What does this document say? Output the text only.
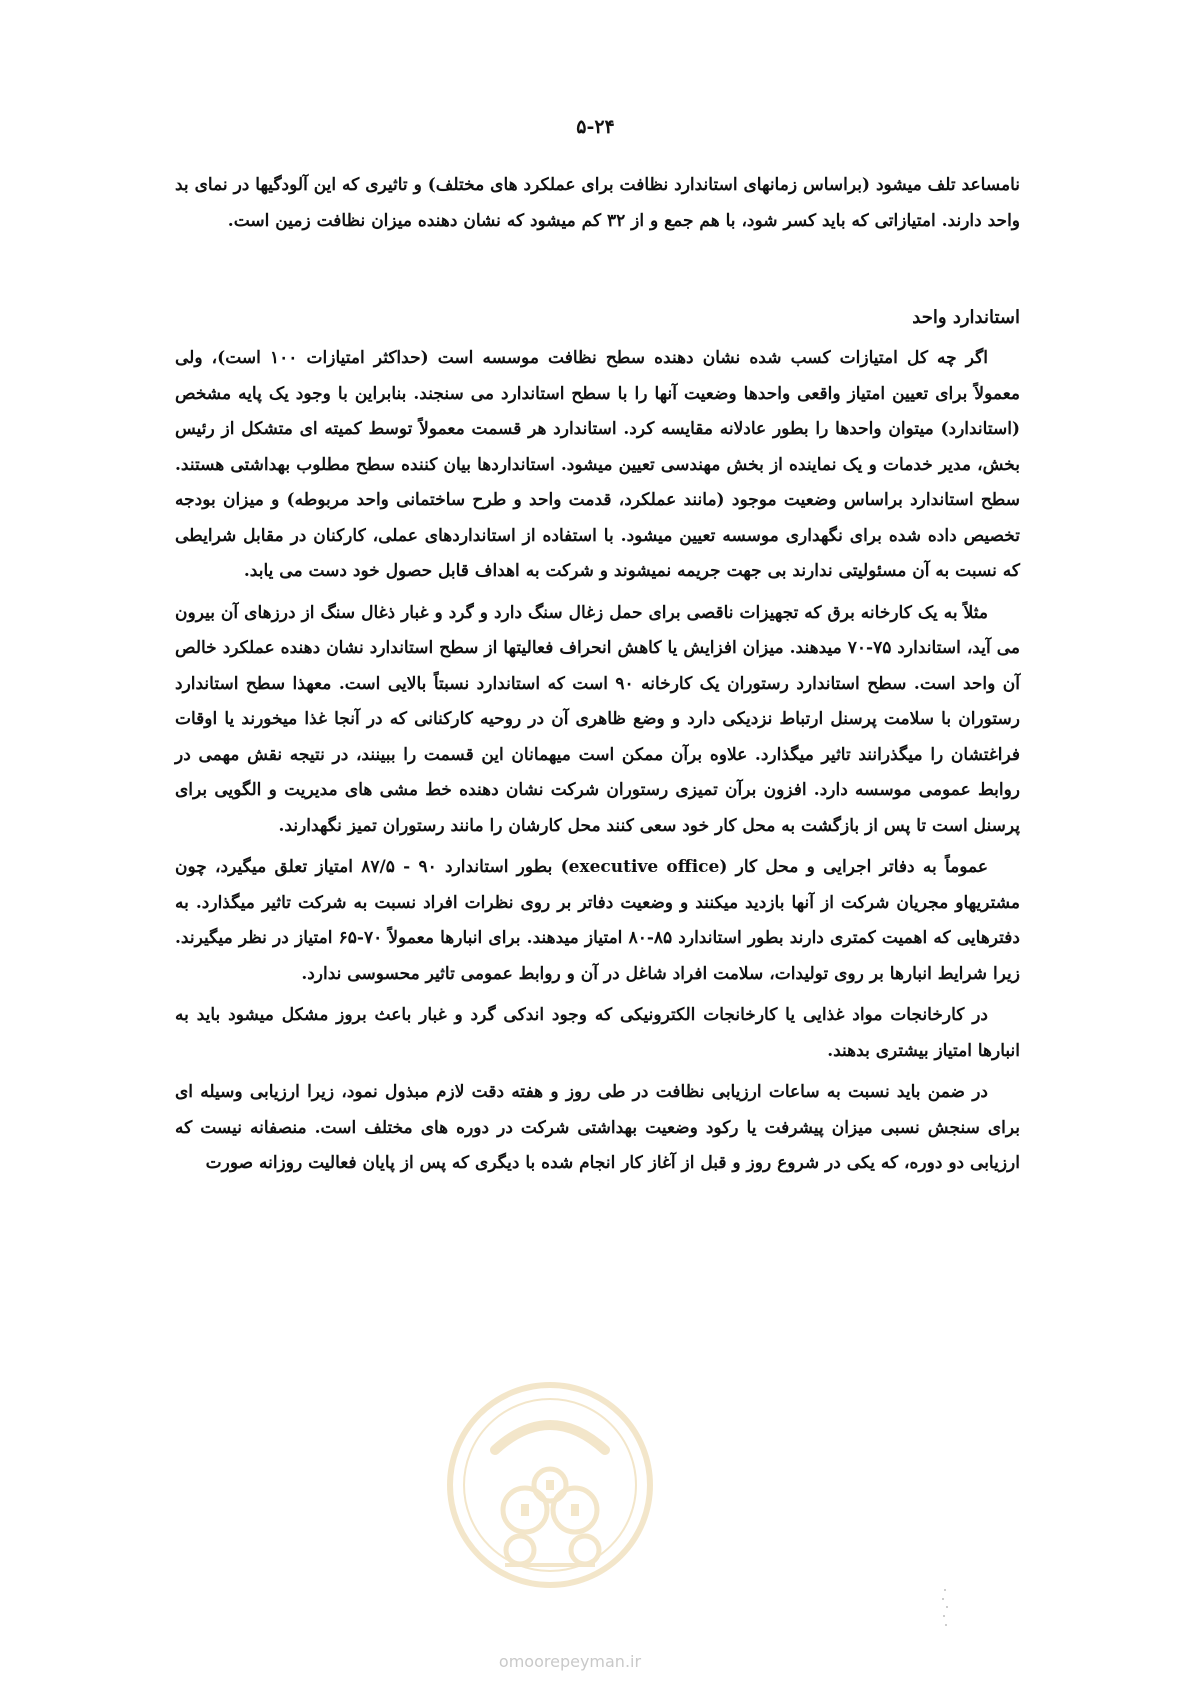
۵-۲۴

نامساعد تلف میشود (براساس زمانهای استاندارد نظافت برای عملکرد های مختلف) و تاثیری که این آلودگیها در نمای بد واحد دارند. امتیازاتی که باید کسر شود، با هم جمع و از ۳۲ کم میشود که نشان دهنده میزان نظافت زمین است.

استاندارد واحد

اگر چه کل امتیازات کسب شده نشان دهنده سطح نظافت موسسه است (حداکثر امتیازات ۱۰۰ است)، ولی معمولاً برای تعیین امتیاز واقعی واحدها وضعیت آنها را با سطح استاندارد می سنجند. بنابراین با وجود یک پایه مشخص (استاندارد) میتوان واحدها را بطور عادلانه مقایسه کرد. استاندارد هر قسمت معمولاً توسط کمیته ای متشکل از رئیس بخش، مدیر خدمات و یک نماینده از بخش مهندسی تعیین میشود. استانداردها بیان کننده سطح مطلوب بهداشتی هستند. سطح استاندارد براساس وضعیت موجود (مانند عملکرد، قدمت واحد و طرح ساختمانی واحد مربوطه) و میزان بودجه تخصیص داده شده برای نگهداری موسسه تعیین میشود. با استفاده از استانداردهای عملی، کارکنان در مقابل شرایطی که نسبت به آن مسئولیتی ندارند بی جهت جریمه نمیشوند و شرکت به اهداف قابل حصول خود دست می یابد.

مثلاً به یک کارخانه برق که تجهیزات ناقصی برای حمل زغال سنگ دارد و گرد و غبار ذغال سنگ از درزهای آن بیرون می آید، استاندارد ۷۵-۷۰ میدهند. میزان افزایش یا کاهش انحراف فعالیتها از سطح استاندارد نشان دهنده عملکرد خالص آن واحد است. سطح استاندارد رستوران یک کارخانه ۹۰ است که استاندارد نسبتاً بالایی است. معهذا سطح استاندارد رستوران با سلامت پرسنل ارتباط نزدیکی دارد و وضع ظاهری آن در روحیه کارکنانی که در آنجا غذا میخورند یا اوقات فراغتشان را میگذرانند تاثیر میگذارد. علاوه برآن ممکن است میهمانان این قسمت را ببینند، در نتیجه نقش مهمی در روابط عمومی موسسه دارد. افزون برآن تمیزی رستوران شرکت نشان دهنده خط مشی های مدیریت و الگویی برای پرسنل است تا پس از بازگشت به محل کار خود سعی کنند محل کارشان را مانند رستوران تمیز نگهدارند.

عموماً به دفاتر اجرایی و محل کار (executive office) بطور استاندارد ۹۰ - ۸۷/۵ امتیاز تعلق میگیرد، چون مشتریهاو مجریان شرکت از آنها بازدید میکنند و وضعیت دفاتر بر روی نظرات افراد نسبت به شرکت تاثیر میگذارد. به دفترهایی که اهمیت کمتری دارند بطور استاندارد ۸۵-۸۰ امتیاز میدهند. برای انبارها معمولاً ۷۰-۶۵ امتیاز در نظر میگیرند. زیرا شرایط انبارها بر روی تولیدات، سلامت افراد شاغل در آن و روابط عمومی تاثیر محسوسی ندارد.

در کارخانجات مواد غذایی یا کارخانجات الکترونیکی که وجود اندکی گرد و غبار باعث بروز مشکل میشود باید به انبارها امتیاز بیشتری بدهند.

در ضمن باید نسبت به ساعات ارزیابی نظافت در طی روز و هفته دقت لازم مبذول نمود، زیرا ارزیابی وسیله ای برای سنجش نسبی میزان پیشرفت یا رکود وضعیت بهداشتی شرکت در دوره های مختلف است. منصفانه نیست که ارزیابی دو دوره، که یکی در شروع روز و قبل از آغاز کار انجام شده با دیگری که پس از پایان فعالیت روزانه صورت

omoorepeyman.ir
